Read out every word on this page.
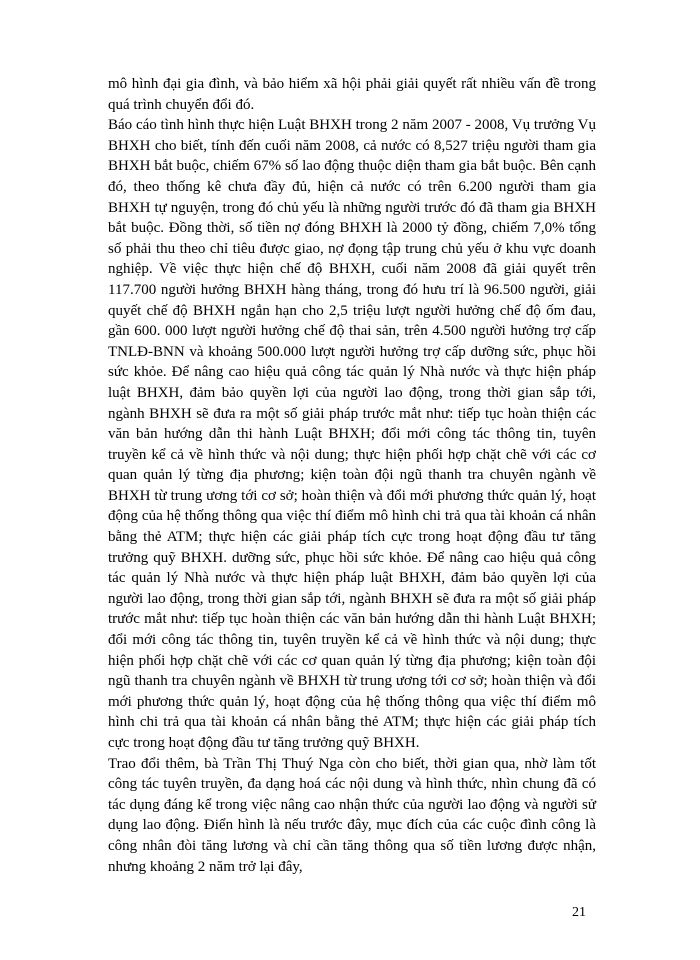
mô hình đại gia đình, và bảo hiểm xã hội phải giải quyết rất nhiều vấn đề trong quá trình chuyển đổi đó.

Báo cáo tình hình thực hiện Luật BHXH trong 2 năm 2007 - 2008, Vụ trưởng Vụ BHXH cho biết, tính đến cuối năm 2008, cả nước có 8,527 triệu người tham gia BHXH bắt buộc, chiếm 67% số lao động thuộc diện tham gia bắt buộc. Bên cạnh đó, theo thống kê chưa đầy đủ, hiện cả nước có trên 6.200 người tham gia BHXH tự nguyện, trong đó chủ yếu là những người trước đó đã tham gia BHXH bắt buộc. Đồng thời, số tiền nợ đóng BHXH là 2000 tỷ đồng, chiếm 7,0% tổng số phải thu theo chỉ tiêu được giao, nợ đọng tập trung chủ yếu ở khu vực doanh nghiệp. Về việc thực hiện chế độ BHXH, cuối năm 2008 đã giải quyết trên 117.700 người hưởng BHXH hàng tháng, trong đó hưu trí là 96.500 người, giải quyết chế độ BHXH ngắn hạn cho 2,5 triệu lượt người hưởng chế độ ốm đau, gần 600. 000 lượt người hưởng chế độ thai sản, trên 4.500 người hưởng trợ cấp TNLĐ-BNN và khoảng 500.000 lượt người hưởng trợ cấp dưỡng sức, phục hồi sức khỏe. Để nâng cao hiệu quả công tác quản lý Nhà nước và thực hiện pháp luật BHXH, đảm bảo quyền lợi của người lao động, trong thời gian sắp tới, ngành BHXH sẽ đưa ra một số giải pháp trước mắt như: tiếp tục hoàn thiện các văn bản hướng dẫn thi hành Luật BHXH; đổi mới công tác thông tin, tuyên truyền kể cả về hình thức và nội dung; thực hiện phối hợp chặt chẽ với các cơ quan quản lý từng địa phương; kiện toàn đội ngũ thanh tra chuyên ngành về BHXH từ trung ương tới cơ sở; hoàn thiện và đổi mới phương thức quản lý, hoạt động của hệ thống thông qua việc thí điểm mô hình chi trả qua tài khoản cá nhân bằng thẻ ATM; thực hiện các giải pháp tích cực trong hoạt động đầu tư tăng trưởng quỹ BHXH. dưỡng sức, phục hồi sức khỏe. Để nâng cao hiệu quả công tác quản lý Nhà nước và thực hiện pháp luật BHXH, đảm bảo quyền lợi của người lao động, trong thời gian sắp tới, ngành BHXH sẽ đưa ra một số giải pháp trước mắt như: tiếp tục hoàn thiện các văn bản hướng dẫn thi hành Luật BHXH; đổi mới công tác thông tin, tuyên truyền kể cả về hình thức và nội dung; thực hiện phối hợp chặt chẽ với các cơ quan quản lý từng địa phương; kiện toàn đội ngũ thanh tra chuyên ngành về BHXH từ trung ương tới cơ sở; hoàn thiện và đổi mới phương thức quản lý, hoạt động của hệ thống thông qua việc thí điểm mô hình chi trả qua tài khoản cá nhân bằng thẻ ATM; thực hiện các giải pháp tích cực trong hoạt động đầu tư tăng trưởng quỹ BHXH.

Trao đổi thêm, bà Trần Thị Thuý Nga còn cho biết, thời gian qua, nhờ làm tốt công tác tuyên truyền, đa dạng hoá các nội dung và hình thức, nhìn chung đã có tác dụng đáng kể trong việc nâng cao nhận thức của người lao động và người sử dụng lao động. Điển hình là nếu trước đây, mục đích của các cuộc đình công là công nhân đòi tăng lương và chỉ cần tăng thông qua số tiền lương được nhận, nhưng khoảng 2 năm trở lại đây,

21
